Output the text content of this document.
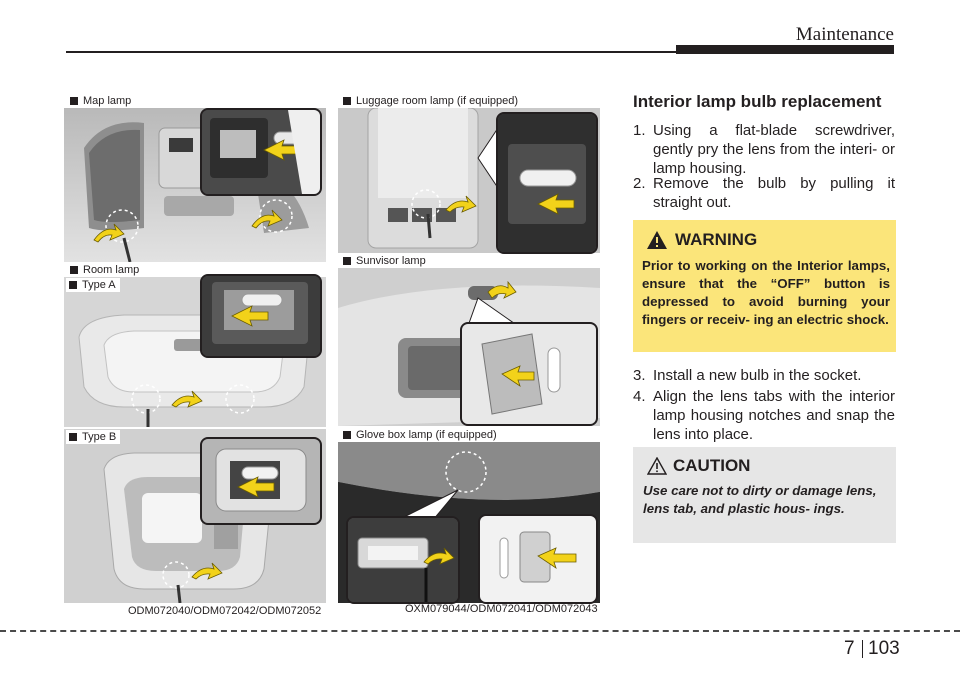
Maintenance
Map lamp
Room lamp
Type A
Type B
ODM072040/ODM072042/ODM072052
Luggage room lamp (if equipped)
Sunvisor lamp
Glove box lamp (if equipped)
OXM079044/ODM072041/ODM072043
Interior lamp bulb replacement
1. Using a flat-blade screwdriver, gently pry the lens from the interi- or lamp housing.
2. Remove the bulb by pulling it straight out.
WARNING
Prior to working on the Interior lamps, ensure that the “OFF” button is depressed to avoid burning your fingers or receiv- ing an electric shock.
3. Install a new bulb in the socket.
4. Align the lens tabs with the interior lamp housing notches and snap the lens into place.
CAUTION
Use care not to dirty or damage lens, lens tab, and plastic hous- ings.
7 103
